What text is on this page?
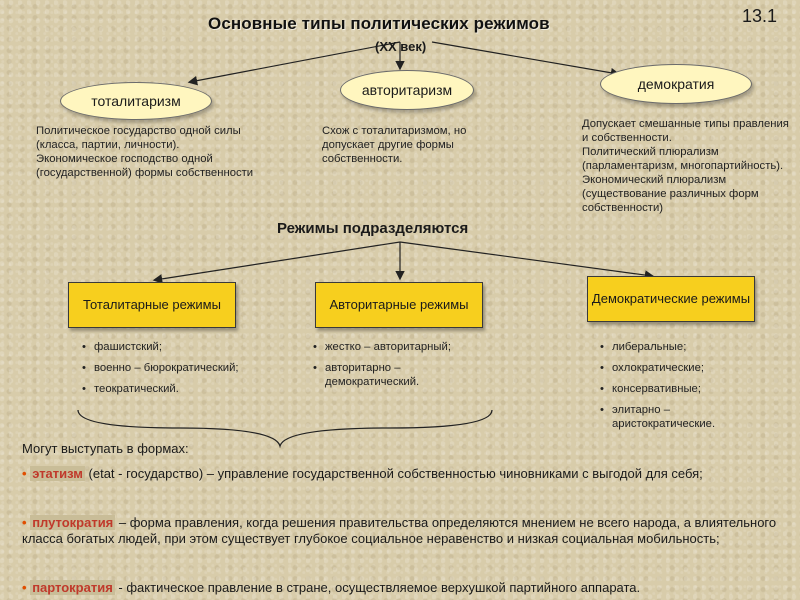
Основные типы политических режимов
(XX век)
13.1
тоталитаризм
авторитаризм	демократия
Политическое государство одной силы (класса, партии, личности).
Экономическое господство одной (государственной) формы собственности
Схож с тоталитаризмом, но допускает другие формы собственности.
Допускает смешанные типы правления и собственности.
Политический плюрализм (парламентаризм, многопартийность).
Экономический плюрализм (существование различных форм собственности)
Режимы подразделяются
Тоталитарные режимы	Авторитарные режимы	Демократические режимы
• фашистский;
• военно – бюрократический;
• теократический.
• жестко – авторитарный;
• авторитарно – демократический.
• либеральные;
• охлократические;
• консервативные;
• элитарно – аристократические.
Могут выступать в формах:
• этатизм (etat - государство) – управление государственной собственностью чиновниками с выгодой для себя;
• плутократия – форма правления, когда решения правительства определяются мнением не всего народа, а влиятельного класса богатых людей, при этом существует глубокое социальное неравенство и низкая социальная мобильность;
• партократия - фактическое правление в стране, осуществляемое верхушкой партийного аппарата.
